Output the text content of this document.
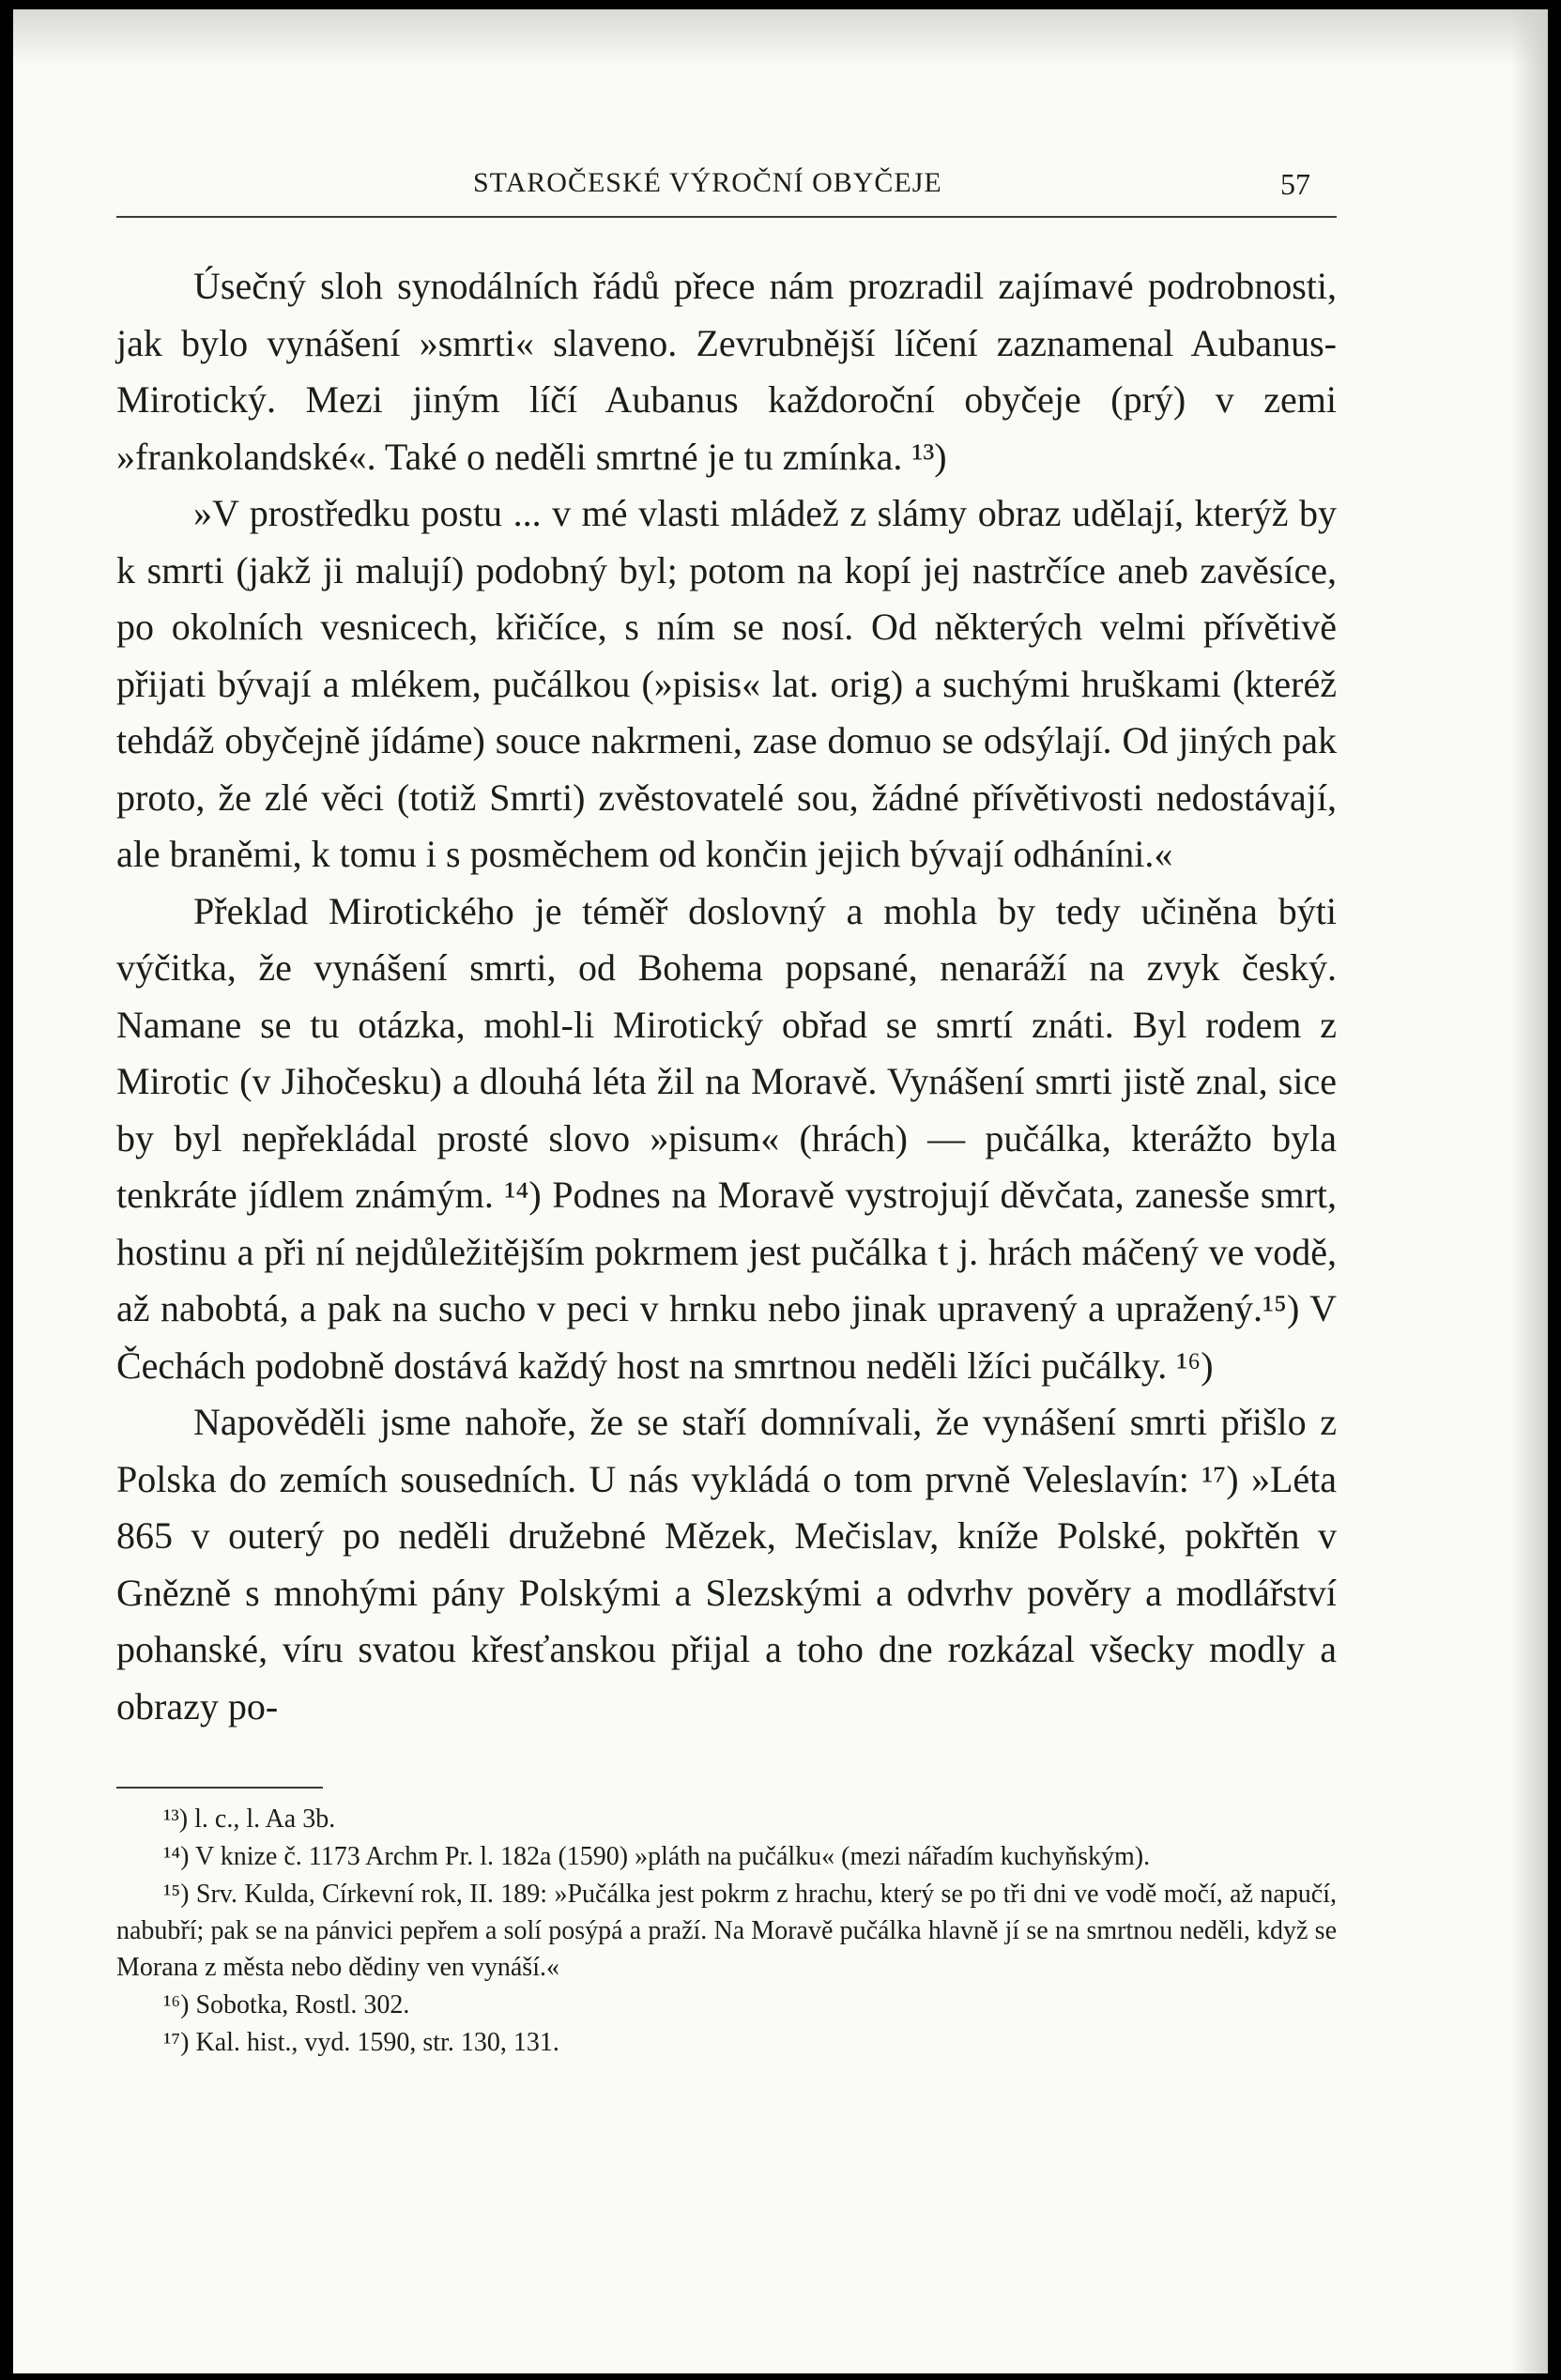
STAROČESKÉ VÝROČNÍ OBYČEJE	57

Úsečný sloh synodálních řádů přece nám prozradil zajímavé podrobnosti, jak bylo vynášení »smrti« slaveno. Zevrubnější líčení zaznamenal Aubanus-Mirotický. Mezi jiným líčí Aubanus každoroční obyčeje (prý) v zemi »frankolandské«. Také o neděli smrtné je tu zmínka. ¹³)

»V prostředku postu ... v mé vlasti mládež z slámy obraz udělají, kterýž by k smrti (jakž ji malují) podobný byl; potom na kopí jej nastrčíce aneb zavěsíce, po okolních vesnicech, křičíce, s ním se nosí. Od některých velmi přívětivě přijati bývají a mlékem, pučálkou (»pisis« lat. orig) a suchými hruškami (kteréž tehdáž obyčejně jídáme) souce nakrmeni, zase domuo se odsýlají. Od jiných pak proto, že zlé věci (totiž Smrti) zvěstovatelé sou, žádné přívětivosti nedostávají, ale braněmi, k tomu i s posměchem od končin jejich bývají odháníni.«

Překlad Mirotického je téměř doslovný a mohla by tedy učiněna býti výčitka, že vynášení smrti, od Bohema popsané, nenaráží na zvyk český. Namane se tu otázka, mohl-li Mirotický obřad se smrtí znáti. Byl rodem z Mirotic (v Jihočesku) a dlouhá léta žil na Moravě. Vynášení smrti jistě znal, sice by byl nepřekládal prosté slovo »pisum« (hrách) — pučálka, kterážto byla tenkráte jídlem známým. ¹⁴) Podnes na Moravě vystrojují děvčata, zanesše smrt, hostinu a při ní nejdůležitějším pokrmem jest pučálka t j. hrách máčený ve vodě, až nabobtá, a pak na sucho v peci v hrnku nebo jinak upravený a upražený.¹⁵) V Čechách podobně dostává každý host na smrtnou neděli lžíci pučálky. ¹⁶)

Napověděli jsme nahoře, že se staří domnívali, že vynášení smrti přišlo z Polska do zemích sousedních. U nás vykládá o tom prvně Veleslavín: ¹⁷) »Léta 865 v outerý po neděli družebné Mězek, Mečislav, kníže Polské, pokřtěn v Gnězně s mnohými pány Polskými a Slezskými a odvrhv pověry a modlářství pohanské, víru svatou křesťanskou přijal a toho dne rozkázal všecky modly a obrazy po-

¹³) l. c., l. Aa 3b.

¹⁴) V knize č. 1173 Archm Pr. l. 182a (1590) »pláth na pučálku« (mezi nářadím kuchyňským).

¹⁵) Srv. Kulda, Církevní rok, II. 189: »Pučálka jest pokrm z hrachu, který se po tři dni ve vodě močí, až napučí, nabubří; pak se na pánvici pepřem a solí posýpá a praží. Na Moravě pučálka hlavně jí se na smrtnou neděli, když se Morana z města nebo dědiny ven vynáší.«

¹⁶) Sobotka, Rostl. 302.

¹⁷) Kal. hist., vyd. 1590, str. 130, 131.
